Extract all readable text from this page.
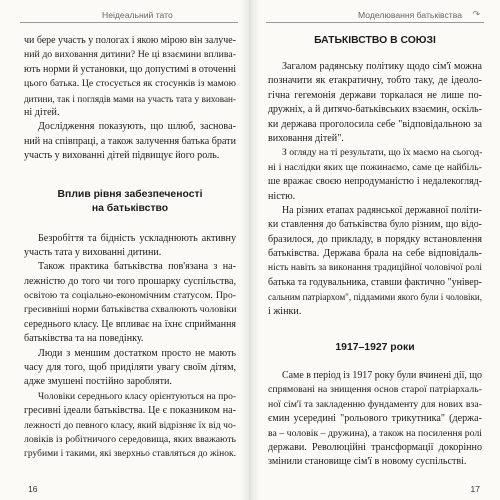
Неідеальний тато
чи бере участь у пологах і якою мірою він залуче-
ний до виховання дитини? Не ці взаємини вплива-
ють норми й установки, що допустимі в оточенні
цього батька. Це стосується як стосунків із мамою
дитини, так і поглядів мами на участь тата у вихован-
ні дітей.
Дослідження показують, що шлюб, засновa-
ний на співпраці, а також залучення батька брати
участь у вихованні дітей підвищує його роль.
Вплив рівня забезпеченості
на батьківство
Безробіття та бідність ускладнюють активну
участь тата у вихованні дитини.
Також практика батьківства пов'язана з на-
лежністю до того чи того прошарку суспільства,
освітою та соціально-економічним статусом. Про-
гресивніші норми батьківства схвалюють чоловіки
середнього класу. Це впливає на їхнє сприймання
батьківства та на поведінку.
Люди з меншим достатком просто не мають
часу для того, щоб приділяти увагу своїм дітям,
адже змушені постійно заробляти.
Чоловіки середнього класу орієнтуються на про-
гресивні ідеали батьківства. Це є показником на-
лежності до певного класу, який відрізняє їх від чо-
ловіків із робітничого середовища, яких вважають
грубими і такими, які зверхньо ставляться до жінок.
16
Моделювання батьківства ↷
БАТЬКІВСТВО В СОЮЗІ
Загалом радянську політику щодо сім'ї можна
позначити як етакратичну, тобто таку, де ідеоло-
гічна гегемонія держави торкалася не лише по-
дружніх, а й дитячо-батьківських взаємин, оскіль-
ки держава проголосила себе "відповідальною за
виховання дітей".
З огляду на ті результати, що їх маємо на сьогод-
ні і наслідки яких ще пожинаємо, саме це найбіль-
ше вражає своєю непродуманістю і недалекогляд-
ністю.
На різних етапах радянської державної політи-
ки ставлення до батьківства було різним, що відо-
бразилося, до прикладу, в порядку встановлення
батьківства. Держава брала на себе відповідаль-
ність навіть за виконання традиційної чоловічої ролі
батька та годувальника, ставши фактично "універ-
сальним патріархом", піддамими якого були і чоловіки,
і жінки.
1917–1927 роки
Саме в період із 1917 року були вчинені дії, що
спрямовані на знищення основ старої патріархаль-
ної сім'ї та закладенню фундаменту для нових вза-
ємин усередині "рольового трикутника" (держа-
ва – чоловік – дружина), а також на посилення ролі
держави. Революційні трансформації докорінно
змінили становище сім'ї в новому суспільстві.
17
